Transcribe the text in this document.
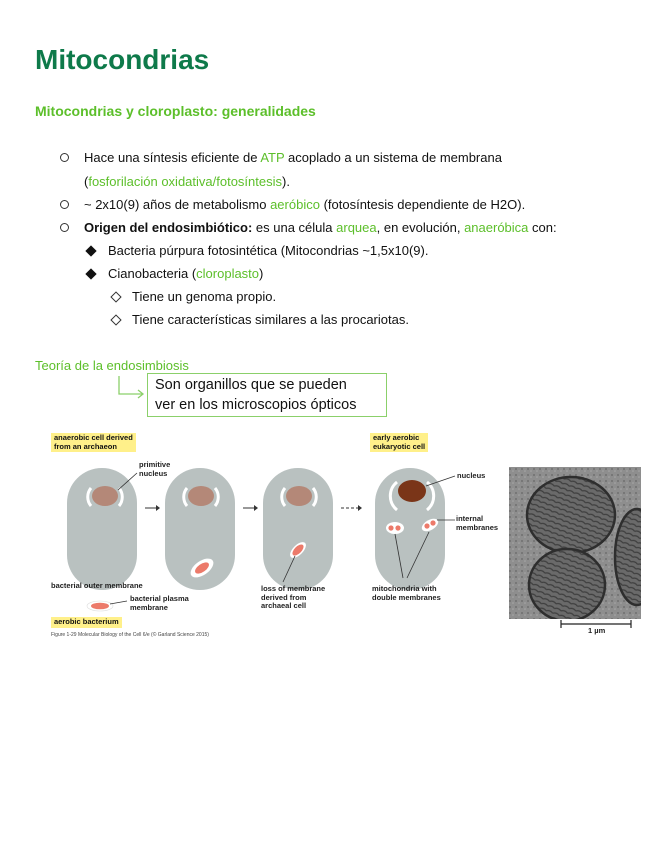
Mitocondrias
Mitocondrias y cloroplasto: generalidades
Hace una síntesis eficiente de ATP acoplado a un sistema de membrana
(fosforilación oxidativa/fotosíntesis).
~ 2x10(9) años de metabolismo aeróbico (fotosíntesis dependiente de H2O).
Origen del endosimbiótico: es una célula arquea, en evolución, anaeróbica con:
Bacteria púrpura fotosintética (Mitocondrias ~1,5x10(9).
Cianobacteria (cloroplasto)
Tiene un genoma propio.
Tiene características similares a las procariotas.
Teoría de la endosimbiosis
Son organillos que se pueden
ver en los microscopios ópticos
anaerobic cell derived
from an archaeon
primitive
nucleus
bacterial outer membrane
bacterial plasma
membrane
aerobic bacterium
loss of membrane
derived from
archaeal cell
early aerobic
eukaryotic cell
nucleus
internal
membranes
mitochondria with
double membranes
Figure 1-29 Molecular Biology of the Cell 6/e (© Garland Science 2015)	1 µm
